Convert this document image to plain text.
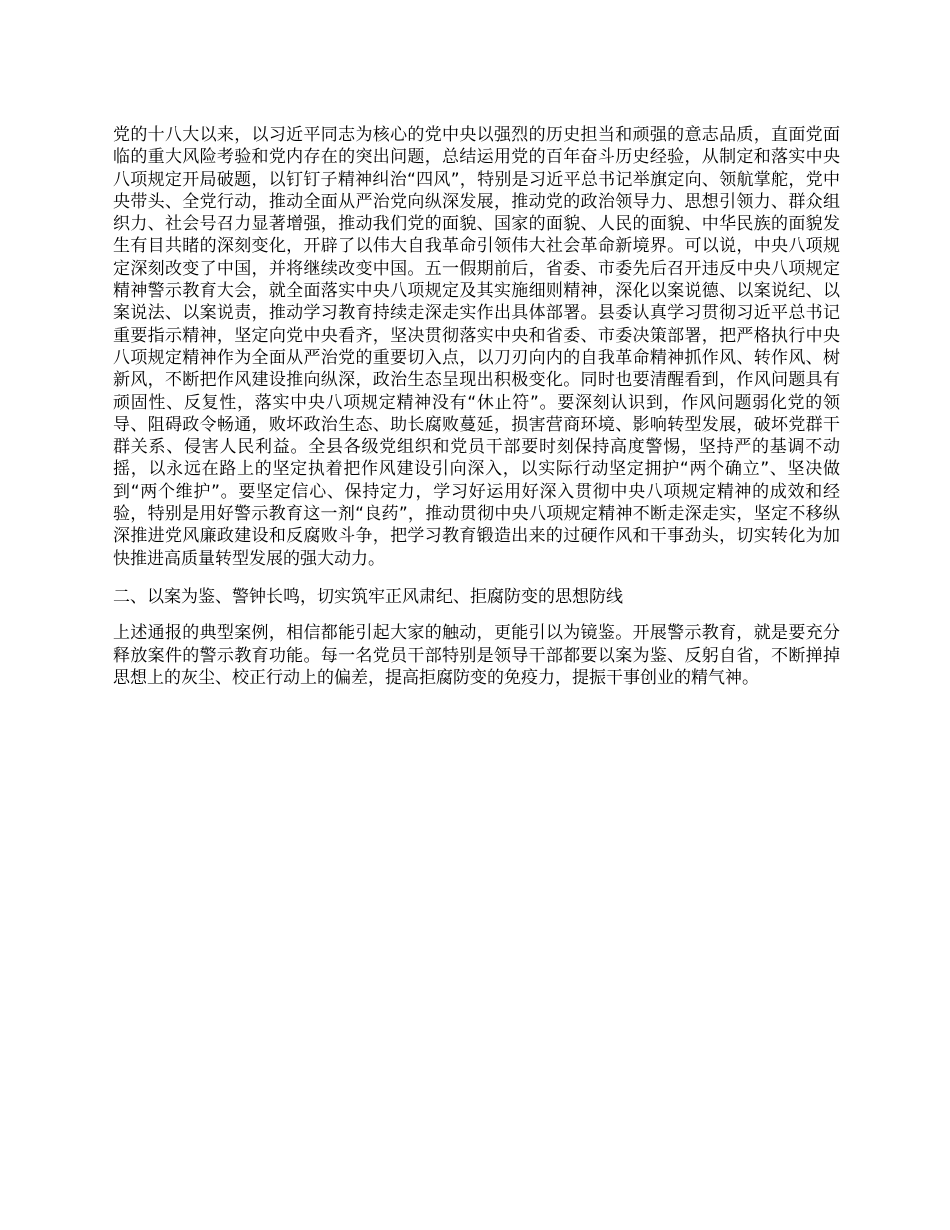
党的十八大以来，以习近平同志为核心的党中央以强烈的历史担当和顽强的意志品质，直面党面临的重大风险考验和党内存在的突出问题，总结运用党的百年奋斗历史经验，从制定和落实中央八项规定开局破题，以钉钉子精神纠治“四风”，特别是习近平总书记举旗定向、领航掌舵，党中央带头、全党行动，推动全面从严治党向纵深发展，推动党的政治领导力、思想引领力、群众组织力、社会号召力显著增强，推动我们党的面貌、国家的面貌、人民的面貌、中华民族的面貌发生有目共睹的深刻变化，开辟了以伟大自我革命引领伟大社会革命新境界。可以说，中央八项规定深刻改变了中国，并将继续改变中国。五一假期前后，省委、市委先后召开违反中央八项规定精神警示教育大会，就全面落实中央八项规定及其实施细则精神，深化以案说德、以案说纪、以案说法、以案说责，推动学习教育持续走深走实作出具体部署。县委认真学习贯彻习近平总书记重要指示精神，坚定向党中央看齐，坚决贯彻落实中央和省委、市委决策部署，把严格执行中央八项规定精神作为全面从严治党的重要切入点，以刀刃向内的自我革命精神抓作风、转作风、树新风，不断把作风建设推向纵深，政治生态呈现出积极变化。同时也要清醒看到，作风问题具有顽固性、反复性，落实中央八项规定精神没有“休止符”。要深刻认识到，作风问题弱化党的领导、阻碍政令畅通，败坏政治生态、助长腐败蔓延，损害营商环境、影响转型发展，破坏党群干群关系、侵害人民利益。全县各级党组织和党员干部要时刻保持高度警惕，坚持严的基调不动摇，以永远在路上的坚定执着把作风建设引向深入，以实际行动坚定拥护“两个确立”、坚决做到“两个维护”。要坚定信心、保持定力，学习好运用好深入贯彻中央八项规定精神的成效和经验，特别是用好警示教育这一剂“良药”，推动贯彻中央八项规定精神不断走深走实，坚定不移纵深推进党风廉政建设和反腐败斗争，把学习教育锻造出来的过硬作风和干事劲头，切实转化为加快推进高质量转型发展的强大动力。

二、以案为鉴、警钟长鸣，切实筑牢正风肃纪、拒腐防变的思想防线

上述通报的典型案例，相信都能引起大家的触动，更能引以为镜鉴。开展警示教育，就是要充分释放案件的警示教育功能。每一名党员干部特别是领导干部都要以案为鉴、反躬自省，不断掸掉思想上的灰尘、校正行动上的偏差，提高拒腐防变的免疫力，提振干事创业的精气神。
